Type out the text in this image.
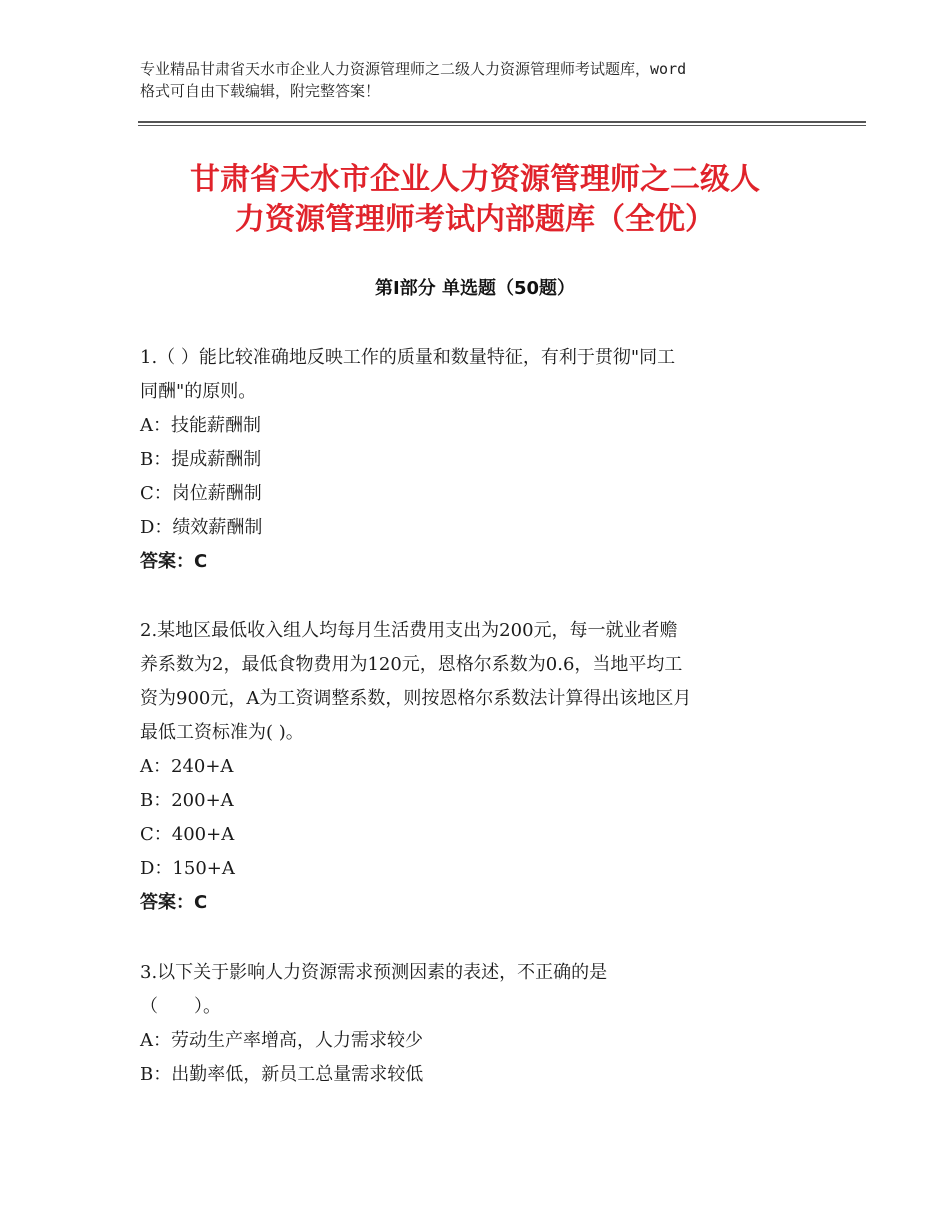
专业精品甘肃省天水市企业人力资源管理师之二级人力资源管理师考试题库，word
格式可自由下载编辑，附完整答案！
甘肃省天水市企业人力资源管理师之二级人
力资源管理师考试内部题库（全优）
第Ⅰ部分 单选题（50题）
1.（ ）能比较准确地反映工作的质量和数量特征，有利于贯彻"同工
同酬"的原则。
A：技能薪酬制
B：提成薪酬制
C：岗位薪酬制
D：绩效薪酬制
答案：C
2.某地区最低收入组人均每月生活费用支出为200元，每一就业者赡
养系数为2，最低食物费用为120元，恩格尔系数为0.6，当地平均工
资为900元，A为工资调整系数，则按恩格尔系数法计算得出该地区月
最低工资标准为( )。
A：240+A
B：200+A
C：400+A
D：150+A
答案：C
3.以下关于影响人力资源需求预测因素的表述，不正确的是
（　　）。
A：劳动生产率增高，人力需求较少
B：出勤率低，新员工总量需求较低
